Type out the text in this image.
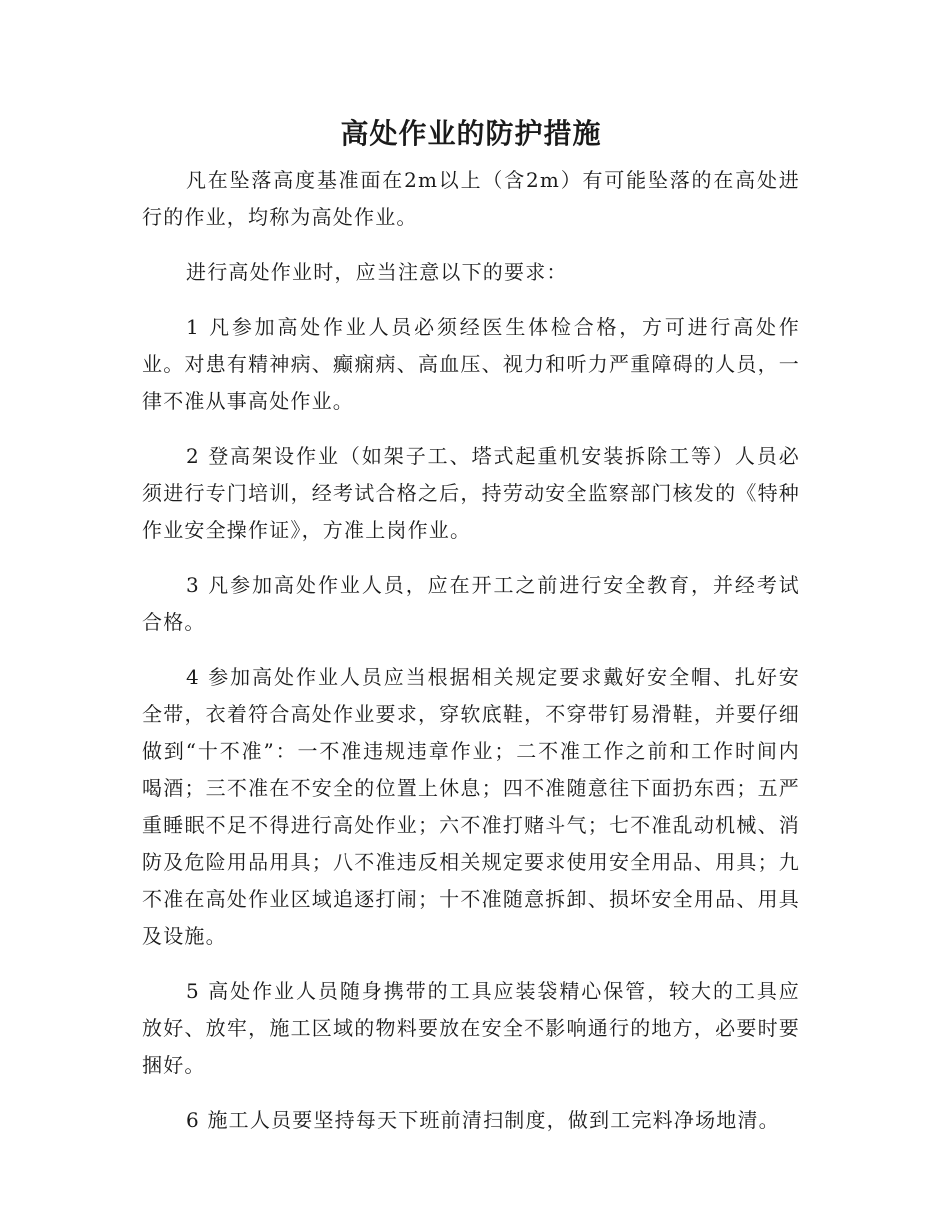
高处作业的防护措施

凡在坠落高度基准面在2m以上（含2m）有可能坠落的在高处进行的作业，均称为高处作业。

进行高处作业时，应当注意以下的要求：

1 凡参加高处作业人员必须经医生体检合格，方可进行高处作业。对患有精神病、癫痫病、高血压、视力和听力严重障碍的人员，一律不准从事高处作业。

2 登高架设作业（如架子工、塔式起重机安装拆除工等）人员必须进行专门培训，经考试合格之后，持劳动安全监察部门核发的《特种作业安全操作证》，方准上岗作业。

3 凡参加高处作业人员，应在开工之前进行安全教育，并经考试合格。

4 参加高处作业人员应当根据相关规定要求戴好安全帽、扎好安全带，衣着符合高处作业要求，穿软底鞋，不穿带钉易滑鞋，并要仔细做到“十不准”：一不准违规违章作业；二不准工作之前和工作时间内喝酒；三不准在不安全的位置上休息；四不准随意往下面扔东西；五严重睡眠不足不得进行高处作业；六不准打赌斗气；七不准乱动机械、消防及危险用品用具；八不准违反相关规定要求使用安全用品、用具；九不准在高处作业区域追逐打闹；十不准随意拆卸、损坏安全用品、用具及设施。

5 高处作业人员随身携带的工具应装袋精心保管，较大的工具应放好、放牢，施工区域的物料要放在安全不影响通行的地方，必要时要捆好。

6 施工人员要坚持每天下班前清扫制度，做到工完料净场地清。
